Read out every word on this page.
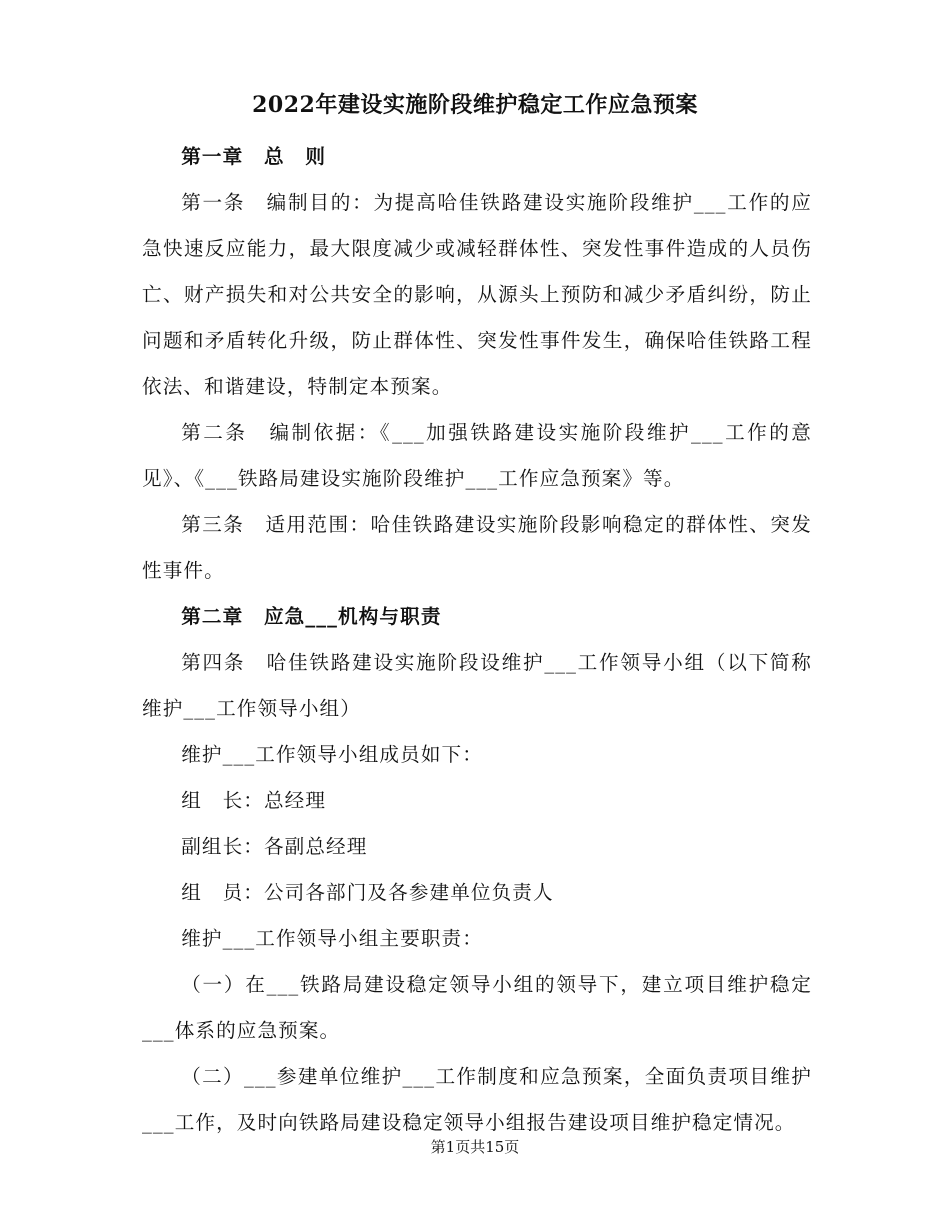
2022年建设实施阶段维护稳定工作应急预案

第一章　总　则

第一条　编制目的：为提高哈佳铁路建设实施阶段维护___工作的应急快速反应能力，最大限度减少或减轻群体性、突发性事件造成的人员伤亡、财产损失和对公共安全的影响，从源头上预防和减少矛盾纠纷，防止问题和矛盾转化升级，防止群体性、突发性事件发生，确保哈佳铁路工程依法、和谐建设，特制定本预案。

第二条　编制依据：《___加强铁路建设实施阶段维护___工作的意见》、《___铁路局建设实施阶段维护___工作应急预案》等。

第三条　适用范围：哈佳铁路建设实施阶段影响稳定的群体性、突发性事件。

第二章　应急___机构与职责

第四条　哈佳铁路建设实施阶段设维护___工作领导小组（以下简称维护___工作领导小组）

维护___工作领导小组成员如下：

组　长：总经理

副组长：各副总经理

组　员：公司各部门及各参建单位负责人

维护___工作领导小组主要职责：

（一）在___铁路局建设稳定领导小组的领导下，建立项目维护稳定___体系的应急预案。

（二）___参建单位维护___工作制度和应急预案，全面负责项目维护___工作，及时向铁路局建设稳定领导小组报告建设项目维护稳定情况。

第1页共15页
